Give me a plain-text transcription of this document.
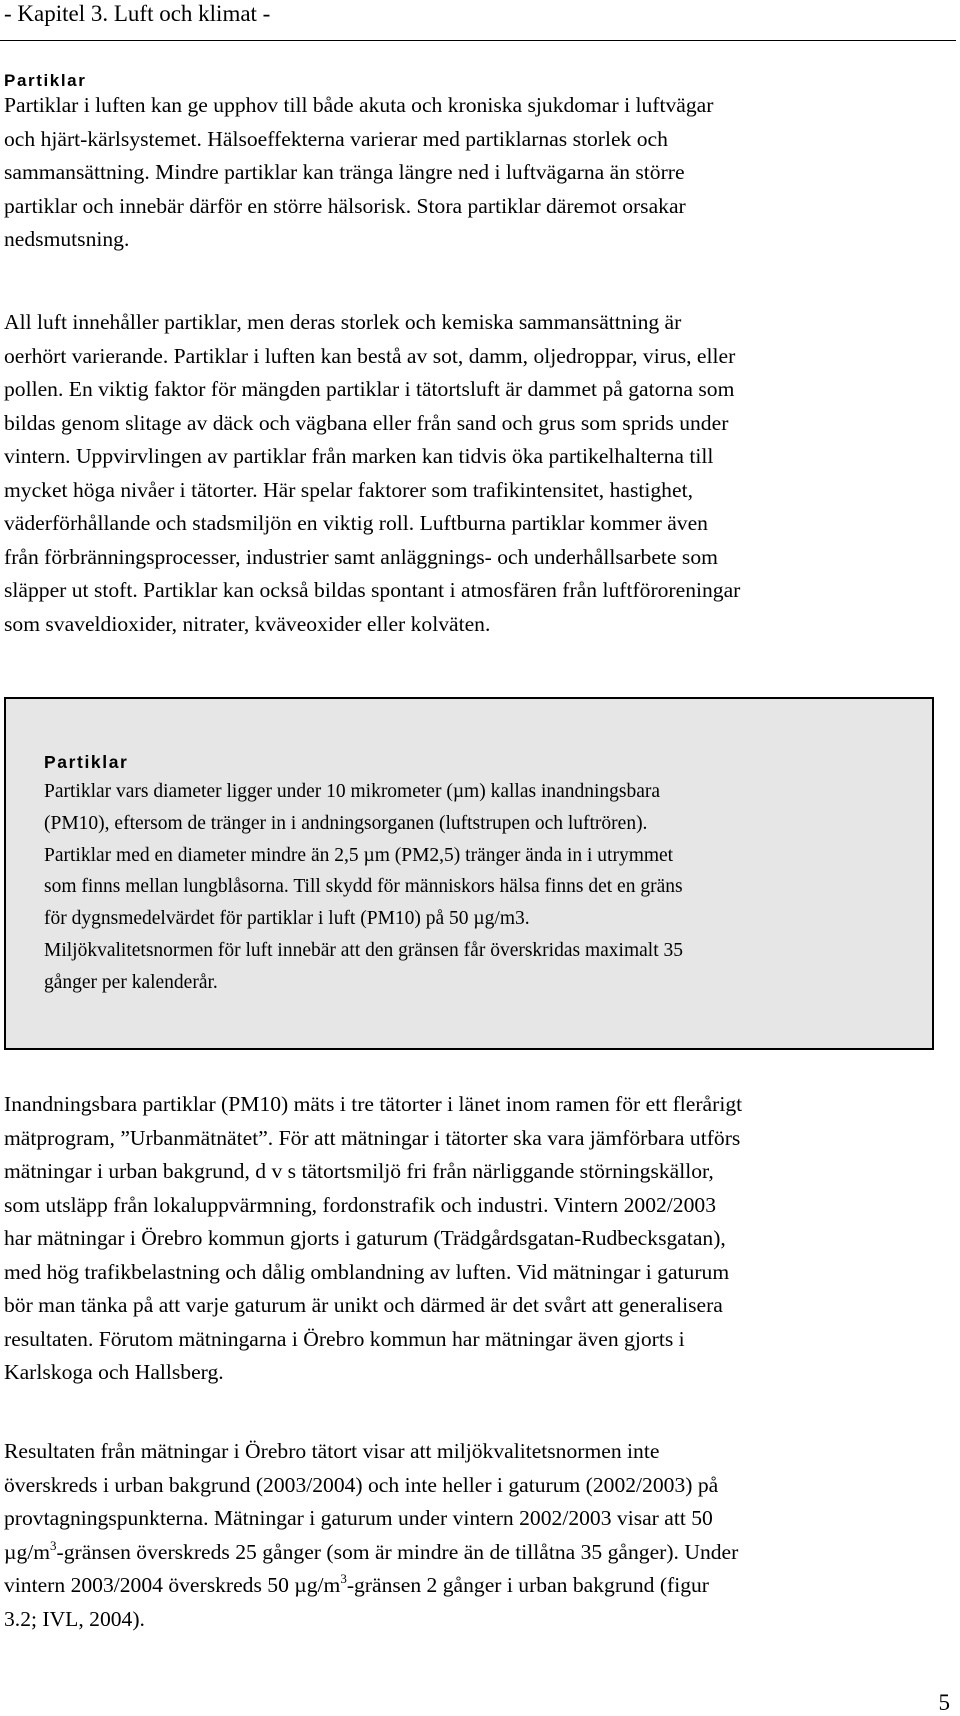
- Kapitel 3. Luft och klimat -
Partiklar

Partiklar i luften kan ge upphov till både akuta och kroniska sjukdomar i luftvägar
och hjärt-kärlsystemet. Hälsoeffekterna varierar med partiklarnas storlek och
sammansättning. Mindre partiklar kan tränga längre ned i luftvägarna än större
partiklar och innebär därför en större hälsorisk. Stora partiklar däremot orsakar
nedsmutsning.

All luft innehåller partiklar, men deras storlek och kemiska sammansättning är
oerhört varierande. Partiklar i luften kan bestå av sot, damm, oljedroppar, virus, eller
pollen. En viktig faktor för mängden partiklar i tätortsluft är dammet på gatorna som
bildas genom slitage av däck och vägbana eller från sand och grus som sprids under
vintern. Uppvirvlingen av partiklar från marken kan tidvis öka partikelhalterna till
mycket höga nivåer i tätorter. Här spelar faktorer som trafikintensitet, hastighet,
väderförhållande och stadsmiljön en viktig roll. Luftburna partiklar kommer även
från förbränningsprocesser, industrier samt anläggnings- och underhållsarbete som
släpper ut stoft. Partiklar kan också bildas spontant i atmosfären från luftföroreningar
som svaveldioxider, nitrater, kväveoxider eller kolväten.

Partiklar

Partiklar vars diameter ligger under 10 mikrometer (µm) kallas inandningsbara
(PM10), eftersom de tränger in i andningsorganen (luftstrupen och luftrören).
Partiklar med en diameter mindre än 2,5 µm (PM2,5) tränger ända in i utrymmet
som finns mellan lungblåsorna. Till skydd för människors hälsa finns det en gräns
för dygnsmedelvärdet för partiklar i luft (PM10) på 50 µg/m3.
Miljökvalitetsnormen för luft innebär att den gränsen får överskridas maximalt 35
gånger per kalenderår.

Inandningsbara partiklar (PM10) mäts i tre tätorter i länet inom ramen för ett flerårigt
mätprogram, ”Urbanmätnätet”. För att mätningar i tätorter ska vara jämförbara utförs
mätningar i urban bakgrund, d v s tätortsmiljö fri från närliggande störningskällor,
som utsläpp från lokaluppvärmning, fordonstrafik och industri. Vintern 2002/2003
har mätningar i Örebro kommun gjorts i gaturum (Trädgårdsgatan-Rudbecksgatan),
med hög trafikbelastning och dålig omblandning av luften. Vid mätningar i gaturum
bör man tänka på att varje gaturum är unikt och därmed är det svårt att generalisera
resultaten. Förutom mätningarna i Örebro kommun har mätningar även gjorts i
Karlskoga och Hallsberg.

Resultaten från mätningar i Örebro tätort visar att miljökvalitetsnormen inte
överskreds i urban bakgrund (2003/2004) och inte heller i gaturum (2002/2003) på
provtagningspunkterna. Mätningar i gaturum under vintern 2002/2003 visar att 50
$\mu g/m^3$-gränsen överskreds 25 gånger (som är mindre än de tillåtna 35 gånger). Under
vintern 2003/2004 överskreds 50 $\mu g/m^3$-gränsen 2 gånger i urban bakgrund (figur
3.2; IVL, 2004).

5
